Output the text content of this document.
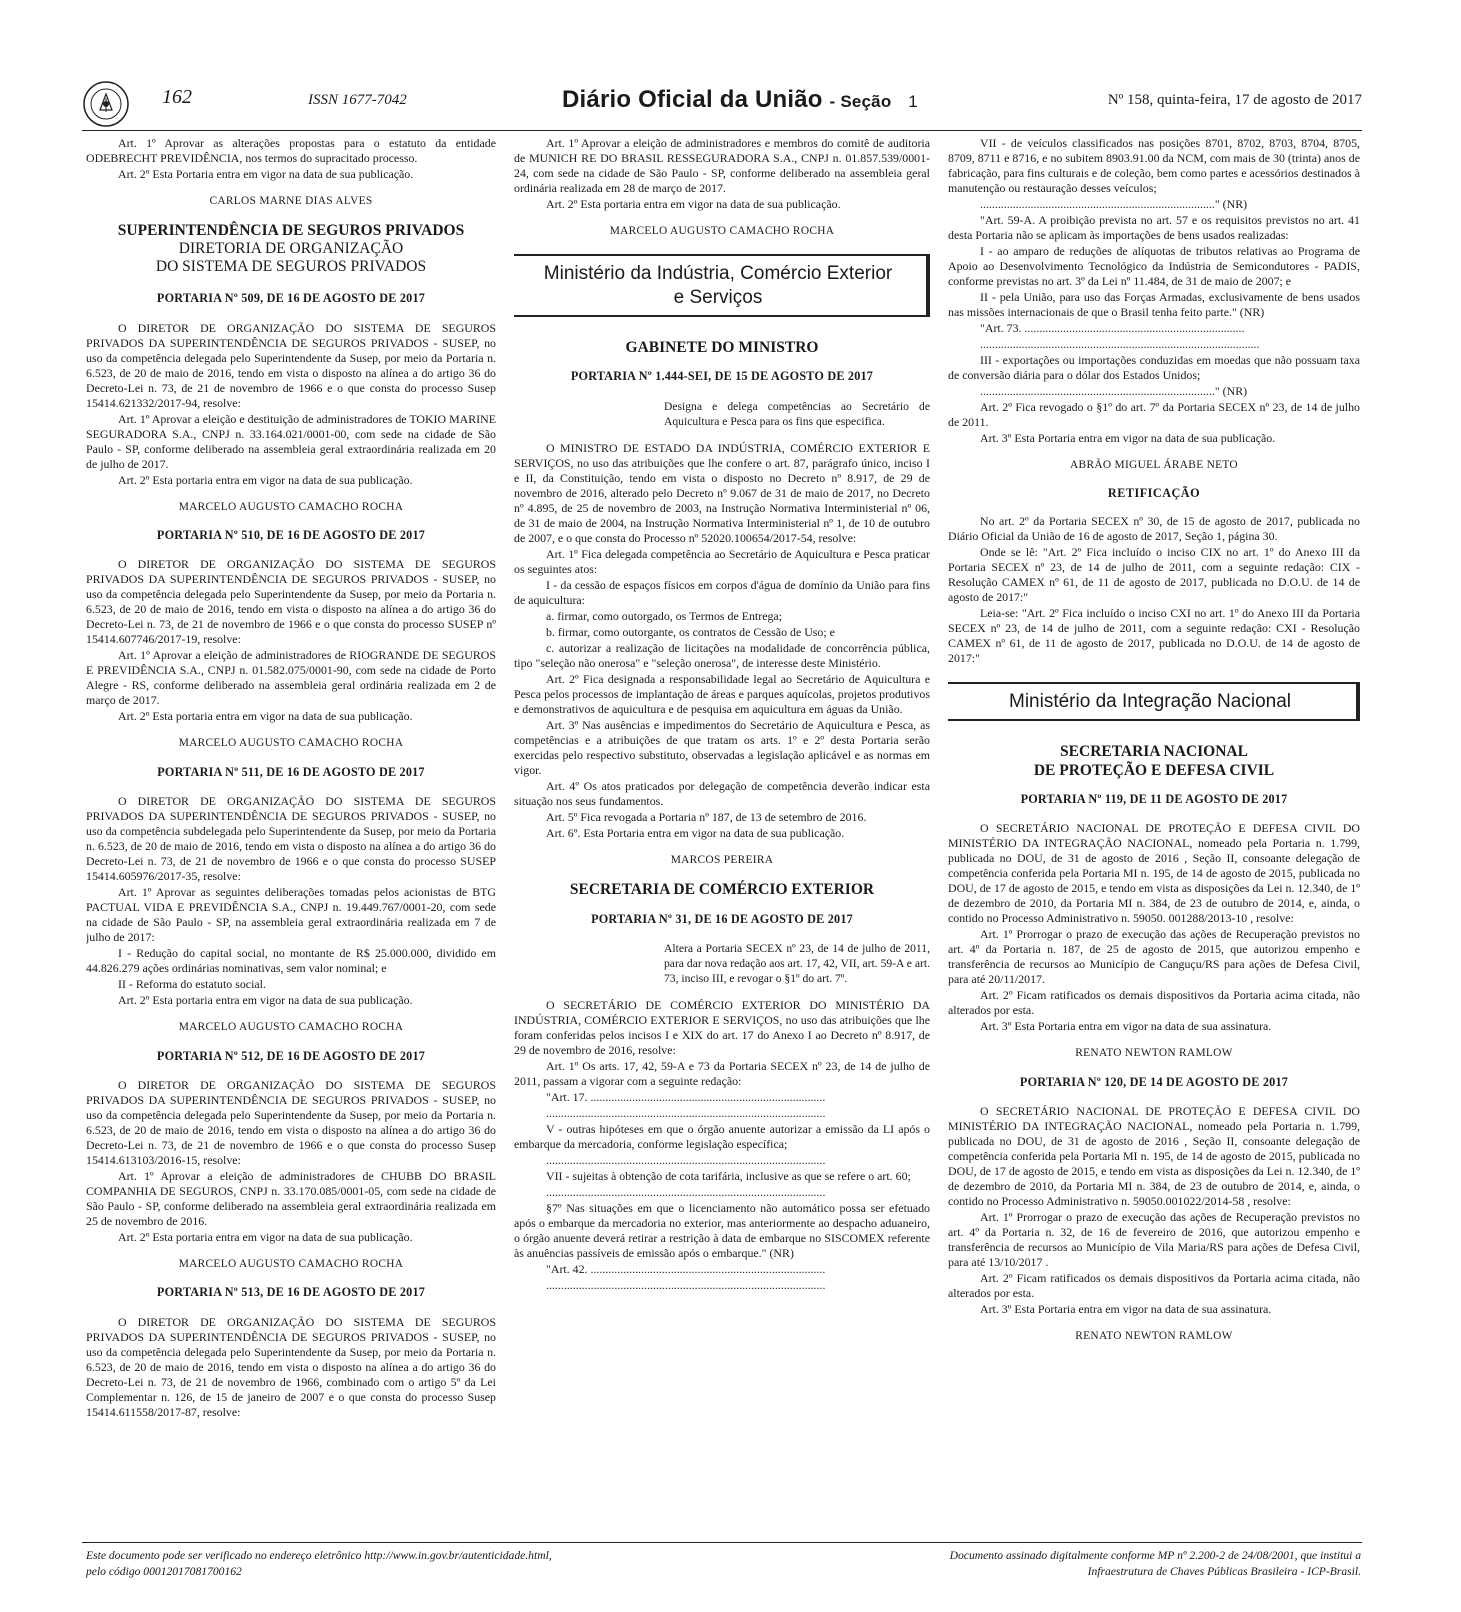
162	ISSN 1677-7042	Diário Oficial da União - Seção 1	Nº 158, quinta-feira, 17 de agosto de 2017

Art. 1º Aprovar as alterações propostas para o estatuto da entidade ODEBRECHT PREVIDÊNCIA, nos termos do supracitado processo.

Art. 2º Esta Portaria entra em vigor na data de sua publicação.

CARLOS MARNE DIAS ALVES
SUPERINTENDÊNCIA DE SEGUROS PRIVADOS
DIRETORIA DE ORGANIZAÇÃO
DO SISTEMA DE SEGUROS PRIVADOS
PORTARIA Nº 509, DE 16 DE AGOSTO DE 2017

O DIRETOR DE ORGANIZAÇÃO DO SISTEMA DE SEGUROS PRIVADOS DA SUPERINTENDÊNCIA DE SEGUROS PRIVADOS - SUSEP, no uso da competência delegada pelo Superintendente da Susep, por meio da Portaria n. 6.523, de 20 de maio de 2016, tendo em vista o disposto na alínea a do artigo 36 do Decreto-Lei n. 73, de 21 de novembro de 1966 e o que consta do processo Susep 15414.621332/2017-94, resolve:

Art. 1º Aprovar a eleição e destituição de administradores de TOKIO MARINE SEGURADORA S.A., CNPJ n. 33.164.021/0001-00, com sede na cidade de São Paulo - SP, conforme deliberado na assembleia geral extraordinária realizada em 20 de julho de 2017.

Art. 2º Esta portaria entra em vigor na data de sua publicação.

MARCELO AUGUSTO CAMACHO ROCHA
PORTARIA Nº 510, DE 16 DE AGOSTO DE 2017

O DIRETOR DE ORGANIZAÇÃO DO SISTEMA DE SEGUROS PRIVADOS DA SUPERINTENDÊNCIA DE SEGUROS PRIVADOS - SUSEP, no uso da competência delegada pelo Superintendente da Susep, por meio da Portaria n. 6.523, de 20 de maio de 2016, tendo em vista o disposto na alínea a do artigo 36 do Decreto-Lei n. 73, de 21 de novembro de 1966 e o que consta do processo SUSEP nº 15414.607746/2017-19, resolve:

Art. 1º Aprovar a eleição de administradores de RIOGRANDE DE SEGUROS E PREVIDÊNCIA S.A., CNPJ n. 01.582.075/0001-90, com sede na cidade de Porto Alegre - RS, conforme deliberado na assembleia geral ordinária realizada em 2 de março de 2017.

Art. 2º Esta portaria entra em vigor na data de sua publicação.

MARCELO AUGUSTO CAMACHO ROCHA
PORTARIA Nº 511, DE 16 DE AGOSTO DE 2017

O DIRETOR DE ORGANIZAÇÃO DO SISTEMA DE SEGUROS PRIVADOS DA SUPERINTENDÊNCIA DE SEGUROS PRIVADOS - SUSEP, no uso da competência subdelegada pelo Superintendente da Susep, por meio da Portaria n. 6.523, de 20 de maio de 2016, tendo em vista o disposto na alínea a do artigo 36 do Decreto-Lei n. 73, de 21 de novembro de 1966 e o que consta do processo SUSEP 15414.605976/2017-35, resolve:

Art. 1º Aprovar as seguintes deliberações tomadas pelos acionistas de BTG PACTUAL VIDA E PREVIDÊNCIA S.A., CNPJ n. 19.449.767/0001-20, com sede na cidade de São Paulo - SP, na assembleia geral extraordinária realizada em 7 de julho de 2017:

I - Redução do capital social, no montante de R$ 25.000.000, dividido em 44.826.279 ações ordinárias nominativas, sem valor nominal; e

II - Reforma do estatuto social.

Art. 2º Esta portaria entra em vigor na data de sua publicação.

MARCELO AUGUSTO CAMACHO ROCHA
PORTARIA Nº 512, DE 16 DE AGOSTO DE 2017

O DIRETOR DE ORGANIZAÇÃO DO SISTEMA DE SEGUROS PRIVADOS DA SUPERINTENDÊNCIA DE SEGUROS PRIVADOS - SUSEP, no uso da competência delegada pelo Superintendente da Susep, por meio da Portaria n. 6.523, de 20 de maio de 2016, tendo em vista o disposto na alínea a do artigo 36 do Decreto-Lei n. 73, de 21 de novembro de 1966 e o que consta do processo Susep 15414.613103/2016-15, resolve:

Art. 1º Aprovar a eleição de administradores de CHUBB DO BRASIL COMPANHIA DE SEGUROS, CNPJ n. 33.170.085/0001-05, com sede na cidade de São Paulo - SP, conforme deliberado na assembleia geral extraordinária realizada em 25 de novembro de 2016.

Art. 2º Esta portaria entra em vigor na data de sua publicação.

MARCELO AUGUSTO CAMACHO ROCHA
PORTARIA Nº 513, DE 16 DE AGOSTO DE 2017

O DIRETOR DE ORGANIZAÇÃO DO SISTEMA DE SEGUROS PRIVADOS DA SUPERINTENDÊNCIA DE SEGUROS PRIVADOS - SUSEP, no uso da competência delegada pelo Superintendente da Susep, por meio da Portaria n. 6.523, de 20 de maio de 2016, tendo em vista o disposto na alínea a do artigo 36 do Decreto-Lei n. 73, de 21 de novembro de 1966, combinado com o artigo 5º da Lei Complementar n. 126, de 15 de janeiro de 2007 e o que consta do processo Susep 15414.611558/2017-87, resolve:

Art. 1º Aprovar a eleição de administradores e membros do comitê de auditoria de MUNICH RE DO BRASIL RESSEGURADORA S.A., CNPJ n. 01.857.539/0001-24, com sede na cidade de São Paulo - SP, conforme deliberado na assembleia geral ordinária realizada em 28 de março de 2017.

Art. 2º Esta portaria entra em vigor na data de sua publicação.

MARCELO AUGUSTO CAMACHO ROCHA
Ministério da Indústria, Comércio Exterior
e Serviços
GABINETE DO MINISTRO
PORTARIA Nº 1.444-SEI, DE 15 DE AGOSTO DE 2017
Designa e delega competências ao Secretário de Aquicultura e Pesca para os fins que especifica.

O MINISTRO DE ESTADO DA INDÚSTRIA, COMÉRCIO EXTERIOR E SERVIÇOS, no uso das atribuições que lhe confere o art. 87, parágrafo único, inciso I e II, da Constituição, tendo em vista o disposto no Decreto nº 8.917, de 29 de novembro de 2016, alterado pelo Decreto nº 9.067 de 31 de maio de 2017, no Decreto nº 4.895, de 25 de novembro de 2003, na Instrução Normativa Interministerial nº 06, de 31 de maio de 2004, na Instrução Normativa Interministerial nº 1, de 10 de outubro de 2007, e o que consta do Processo nº 52020.100654/2017-54, resolve:

Art. 1º Fica delegada competência ao Secretário de Aquicultura e Pesca praticar os seguintes atos:

I - da cessão de espaços físicos em corpos d'água de domínio da União para fins de aquicultura:

a. firmar, como outorgado, os Termos de Entrega;

b. firmar, como outorgante, os contratos de Cessão de Uso; e

c. autorizar a realização de licitações na modalidade de concorrência pública, tipo "seleção não onerosa" e "seleção onerosa", de interesse deste Ministério.

Art. 2º Fica designada a responsabilidade legal ao Secretário de Aquicultura e Pesca pelos processos de implantação de áreas e parques aquícolas, projetos produtivos e demonstrativos de aquicultura e de pesquisa em aquicultura em águas da União.

Art. 3º Nas ausências e impedimentos do Secretário de Aquicultura e Pesca, as competências e a atribuições de que tratam os arts. 1º e 2º desta Portaria serão exercidas pelo respectivo substituto, observadas a legislação aplicável e as normas em vigor.

Art. 4º Os atos praticados por delegação de competência deverão indicar esta situação nos seus fundamentos.

Art. 5º Fica revogada a Portaria nº 187, de 13 de setembro de 2016.

Art. 6º. Esta Portaria entra em vigor na data de sua publicação.

MARCOS PEREIRA
SECRETARIA DE COMÉRCIO EXTERIOR
PORTARIA Nº 31, DE 16 DE AGOSTO DE 2017
Altera a Portaria SECEX nº 23, de 14 de julho de 2011, para dar nova redação aos art. 17, 42, VII, art. 59-A e art. 73, inciso III, e revogar o §1º do art. 7º.

O SECRETÁRIO DE COMÉRCIO EXTERIOR DO MINISTÉRIO DA INDÚSTRIA, COMÉRCIO EXTERIOR E SERVIÇOS, no uso das atribuições que lhe foram conferidas pelos incisos I e XIX do art. 17 do Anexo I ao Decreto nº 8.917, de 29 de novembro de 2016, resolve:

Art. 1º Os arts. 17, 42, 59-A e 73 da Portaria SECEX nº 23, de 14 de julho de 2011, passam a vigorar com a seguinte redação:

"Art. 17. ...............................................................................

..............................................................................................

V - outras hipóteses em que o órgão anuente autorizar a emissão da LI após o embarque da mercadoria, conforme legislação específica;

..............................................................................................

VII - sujeitas à obtenção de cota tarifária, inclusive as que se refere o art. 60;

..............................................................................................

§7º Nas situações em que o licenciamento não automático possa ser efetuado após o embarque da mercadoria no exterior, mas anteriormente ao despacho aduaneiro, o órgão anuente deverá retirar a restrição à data de embarque no SISCOMEX referente às anuências passíveis de emissão após o embarque." (NR)

"Art. 42. ...............................................................................

..............................................................................................

VII - de veículos classificados nas posições 8701, 8702, 8703, 8704, 8705, 8709, 8711 e 8716, e no subitem 8903.91.00 da NCM, com mais de 30 (trinta) anos de fabricação, para fins culturais e de coleção, bem como partes e acessórios destinados à manutenção ou restauração desses veículos;

..............................................................................." (NR)

"Art. 59-A. A proibição prevista no art. 57 e os requisitos previstos no art. 41 desta Portaria não se aplicam às importações de bens usados realizadas:

I - ao amparo de reduções de alíquotas de tributos relativas ao Programa de Apoio ao Desenvolvimento Tecnológico da Indústria de Semicondutores - PADIS, conforme previstas no art. 3º da Lei nº 11.484, de 31 de maio de 2007; e

II - pela União, para uso das Forças Armadas, exclusivamente de bens usados nas missões internacionais de que o Brasil tenha feito parte." (NR)

"Art. 73. ..........................................................................

..............................................................................................

III - exportações ou importações conduzidas em moedas que não possuam taxa de conversão diária para o dólar dos Estados Unidos;

..............................................................................." (NR)

Art. 2º Fica revogado o §1º do art. 7º da Portaria SECEX nº 23, de 14 de julho de 2011.

Art. 3º Esta Portaria entra em vigor na data de sua publicação.

ABRÃO MIGUEL ÁRABE NETO
RETIFICAÇÃO

No art. 2º da Portaria SECEX nº 30, de 15 de agosto de 2017, publicada no Diário Oficial da União de 16 de agosto de 2017, Seção 1, página 30.

Onde se lê: "Art. 2º Fica incluído o inciso CIX no art. 1º do Anexo III da Portaria SECEX nº 23, de 14 de julho de 2011, com a seguinte redação: CIX - Resolução CAMEX nº 61, de 11 de agosto de 2017, publicada no D.O.U. de 14 de agosto de 2017:"

Leia-se: "Art. 2º Fica incluído o inciso CXI no art. 1º do Anexo III da Portaria SECEX nº 23, de 14 de julho de 2011, com a seguinte redação: CXI - Resolução CAMEX nº 61, de 11 de agosto de 2017, publicada no D.O.U. de 14 de agosto de 2017:"

Ministério da Integração Nacional
SECRETARIA NACIONAL
DE PROTEÇÃO E DEFESA CIVIL
PORTARIA Nº 119, DE 11 DE AGOSTO DE 2017

O SECRETÁRIO NACIONAL DE PROTEÇÃO E DEFESA CIVIL DO MINISTÉRIO DA INTEGRAÇÃO NACIONAL, nomeado pela Portaria n. 1.799, publicada no DOU, de 31 de agosto de 2016 , Seção II, consoante delegação de competência conferida pela Portaria MI n. 195, de 14 de agosto de 2015, publicada no DOU, de 17 de agosto de 2015, e tendo em vista as disposições da Lei n. 12.340, de 1º de dezembro de 2010, da Portaria MI n. 384, de 23 de outubro de 2014, e, ainda, o contido no Processo Administrativo n. 59050. 001288/2013-10 , resolve:

Art. 1º Prorrogar o prazo de execução das ações de Recuperação previstos no art. 4º da Portaria n. 187, de 25 de agosto de 2015, que autorizou empenho e transferência de recursos ao Município de Canguçu/RS para ações de Defesa Civil, para até 20/11/2017.

Art. 2º Ficam ratificados os demais dispositivos da Portaria acima citada, não alterados por esta.

Art. 3º Esta Portaria entra em vigor na data de sua assinatura.

RENATO NEWTON RAMLOW
PORTARIA Nº 120, DE 14 DE AGOSTO DE 2017

O SECRETÁRIO NACIONAL DE PROTEÇÃO E DEFESA CIVIL DO MINISTÉRIO DA INTEGRAÇÃO NACIONAL, nomeado pela Portaria n. 1.799, publicada no DOU, de 31 de agosto de 2016 , Seção II, consoante delegação de competência conferida pela Portaria MI n. 195, de 14 de agosto de 2015, publicada no DOU, de 17 de agosto de 2015, e tendo em vista as disposições da Lei n. 12.340, de 1º de dezembro de 2010, da Portaria MI n. 384, de 23 de outubro de 2014, e, ainda, o contido no Processo Administrativo n. 59050.001022/2014-58 , resolve:

Art. 1º Prorrogar o prazo de execução das ações de Recuperação previstos no art. 4º da Portaria n. 32, de 16 de fevereiro de 2016, que autorizou empenho e transferência de recursos ao Município de Vila Maria/RS para ações de Defesa Civil, para até 13/10/2017 .

Art. 2º Ficam ratificados os demais dispositivos da Portaria acima citada, não alterados por esta.

Art. 3º Esta Portaria entra em vigor na data de sua assinatura.

RENATO NEWTON RAMLOW
Este documento pode ser verificado no endereço eletrônico http://www.in.gov.br/autenticidade.html,
pelo código 00012017081700162
Documento assinado digitalmente conforme MP nº 2.200-2 de 24/08/2001, que institui a
Infraestrutura de Chaves Públicas Brasileira - ICP-Brasil.
